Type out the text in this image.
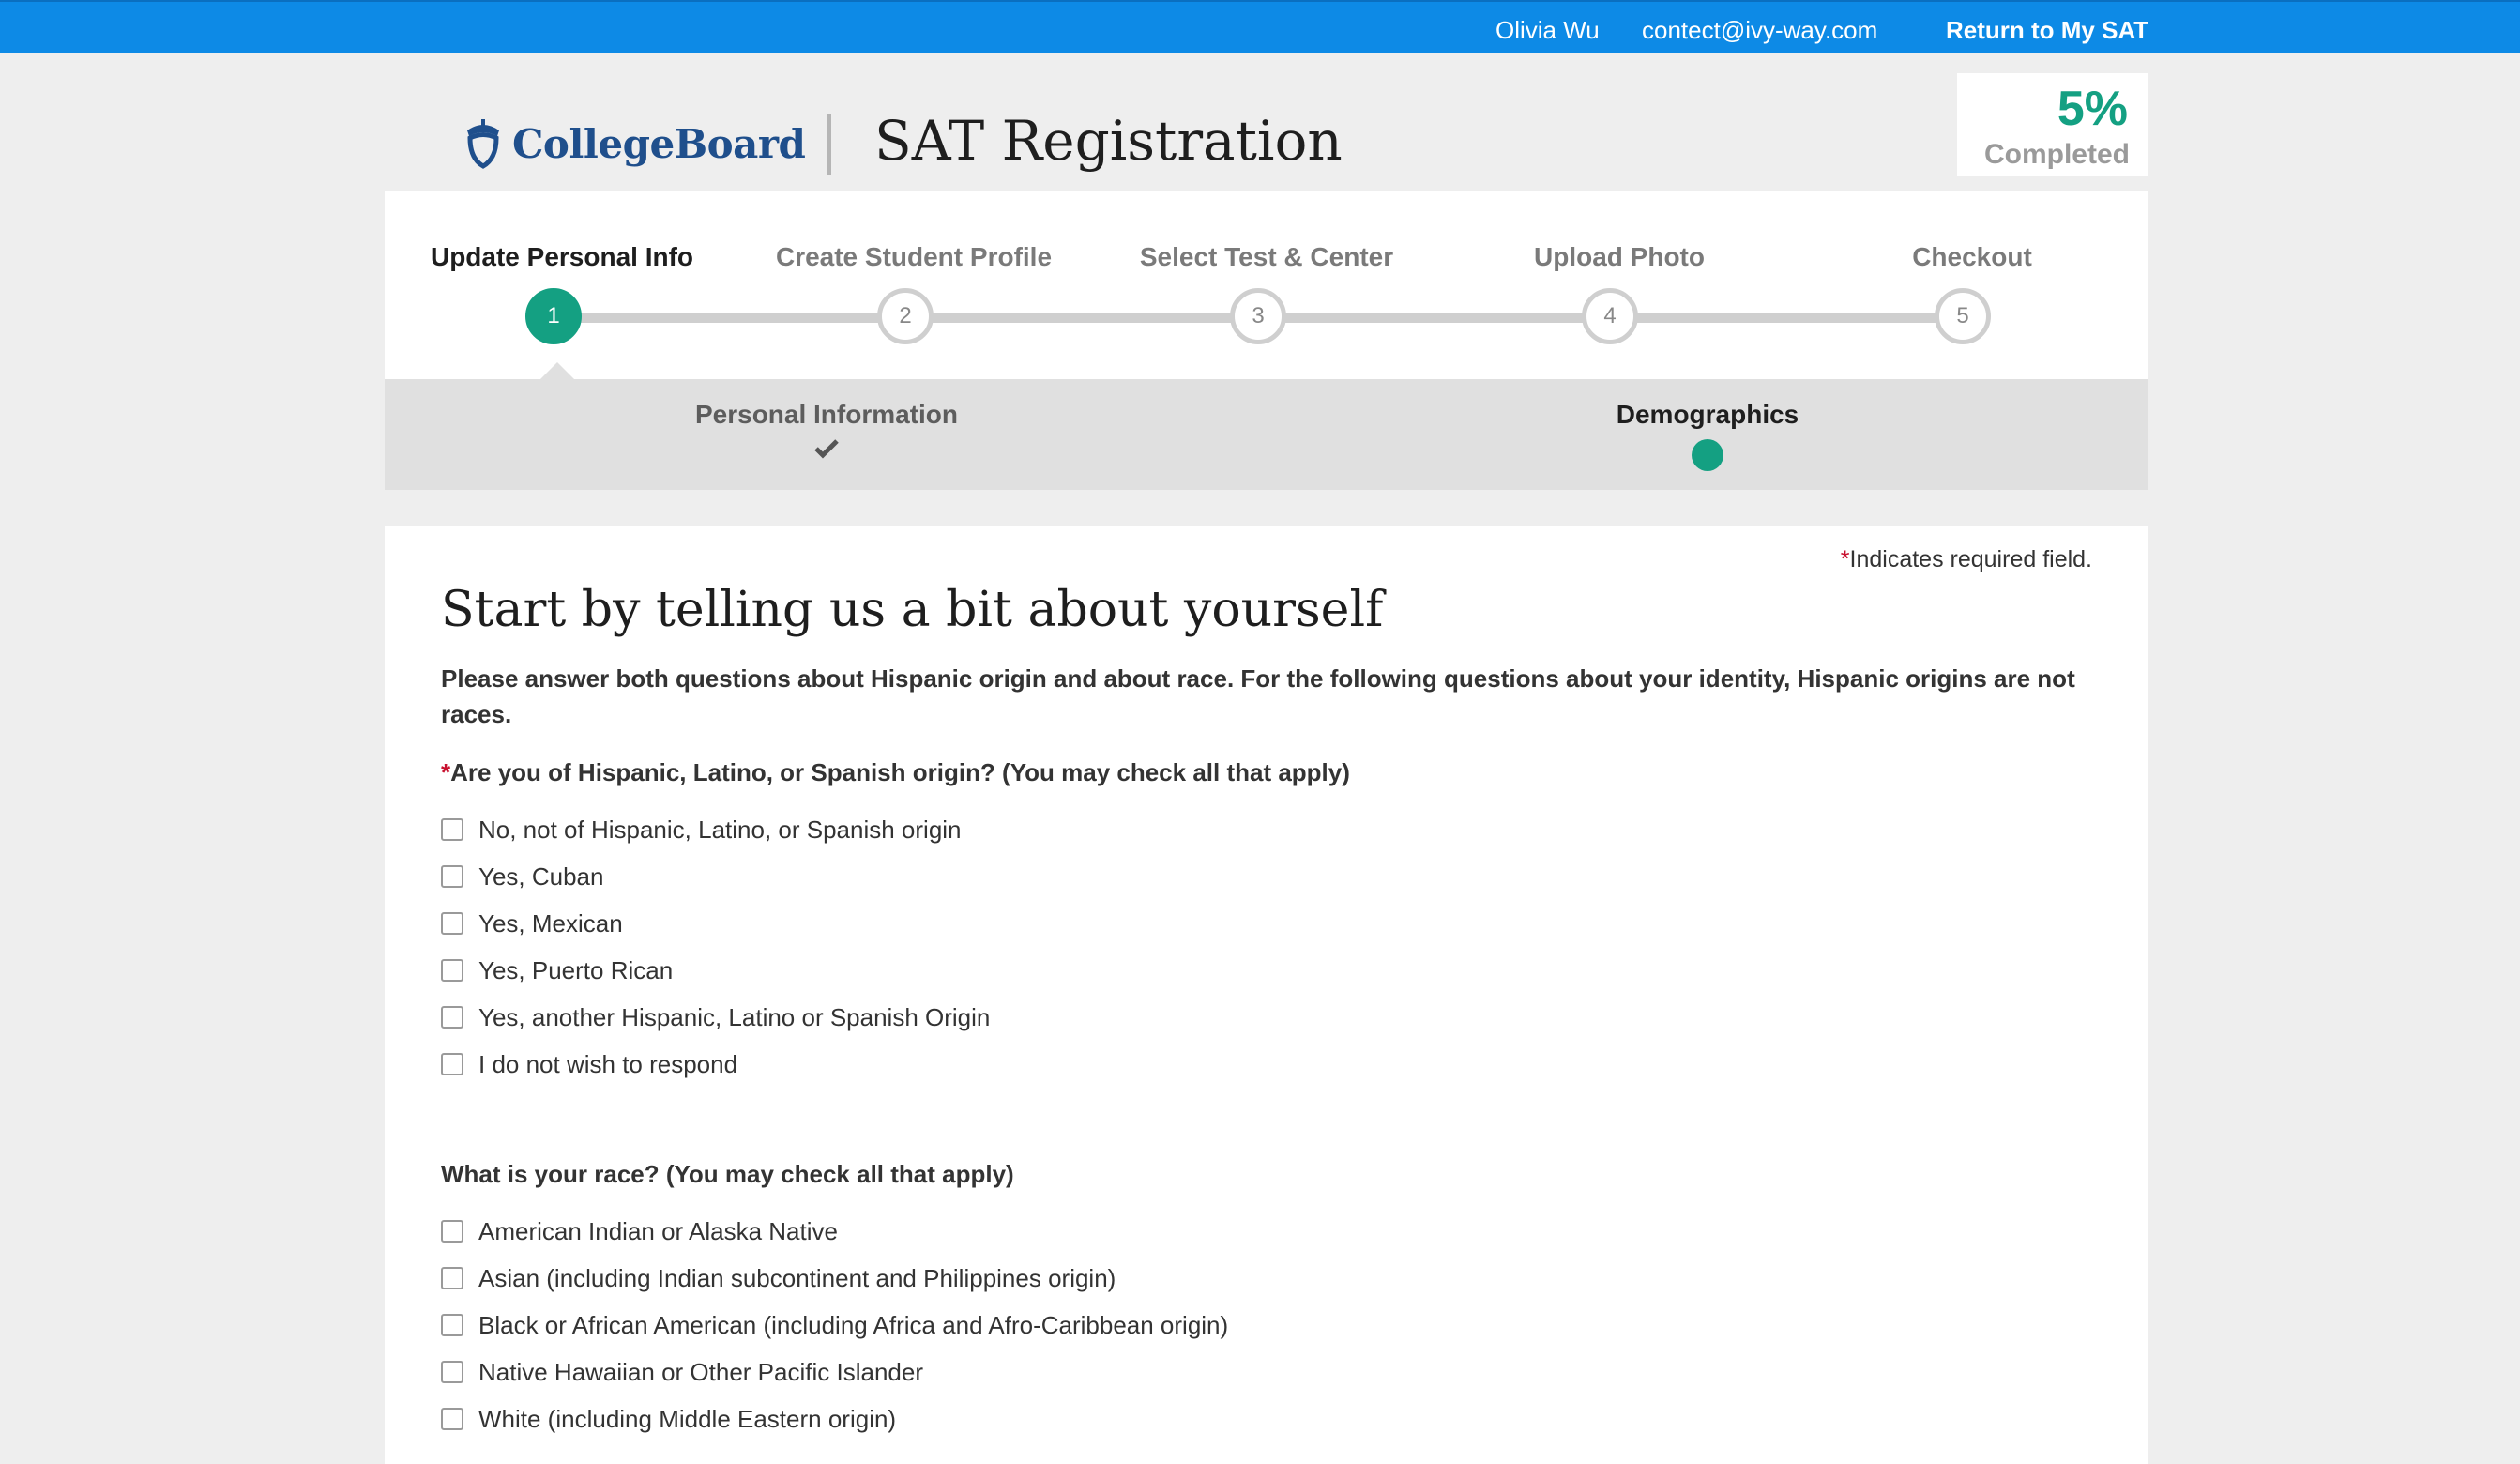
Olivia Wu contect@ivy-way.com	Return to My SAT
CollegeBoard SAT Registration	5%
Completed
Update Personal Info	Create Student Profile	Select Test & Center	Upload Photo	Checkout
1	2	3	4	5
Personal Information	Demographics
*Indicates required field.
Start by telling us a bit about yourself
Please answer both questions about Hispanic origin and about race. For the following questions about your identity, Hispanic origins are not races.
*Are you of Hispanic, Latino, or Spanish origin? (You may check all that apply)
No, not of Hispanic, Latino, or Spanish origin
Yes, Cuban
Yes, Mexican
Yes, Puerto Rican
Yes, another Hispanic, Latino or Spanish Origin
I do not wish to respond
What is your race? (You may check all that apply)
American Indian or Alaska Native
Asian (including Indian subcontinent and Philippines origin)
Black or African American (including Africa and Afro-Caribbean origin)
Native Hawaiian or Other Pacific Islander
White (including Middle Eastern origin)
